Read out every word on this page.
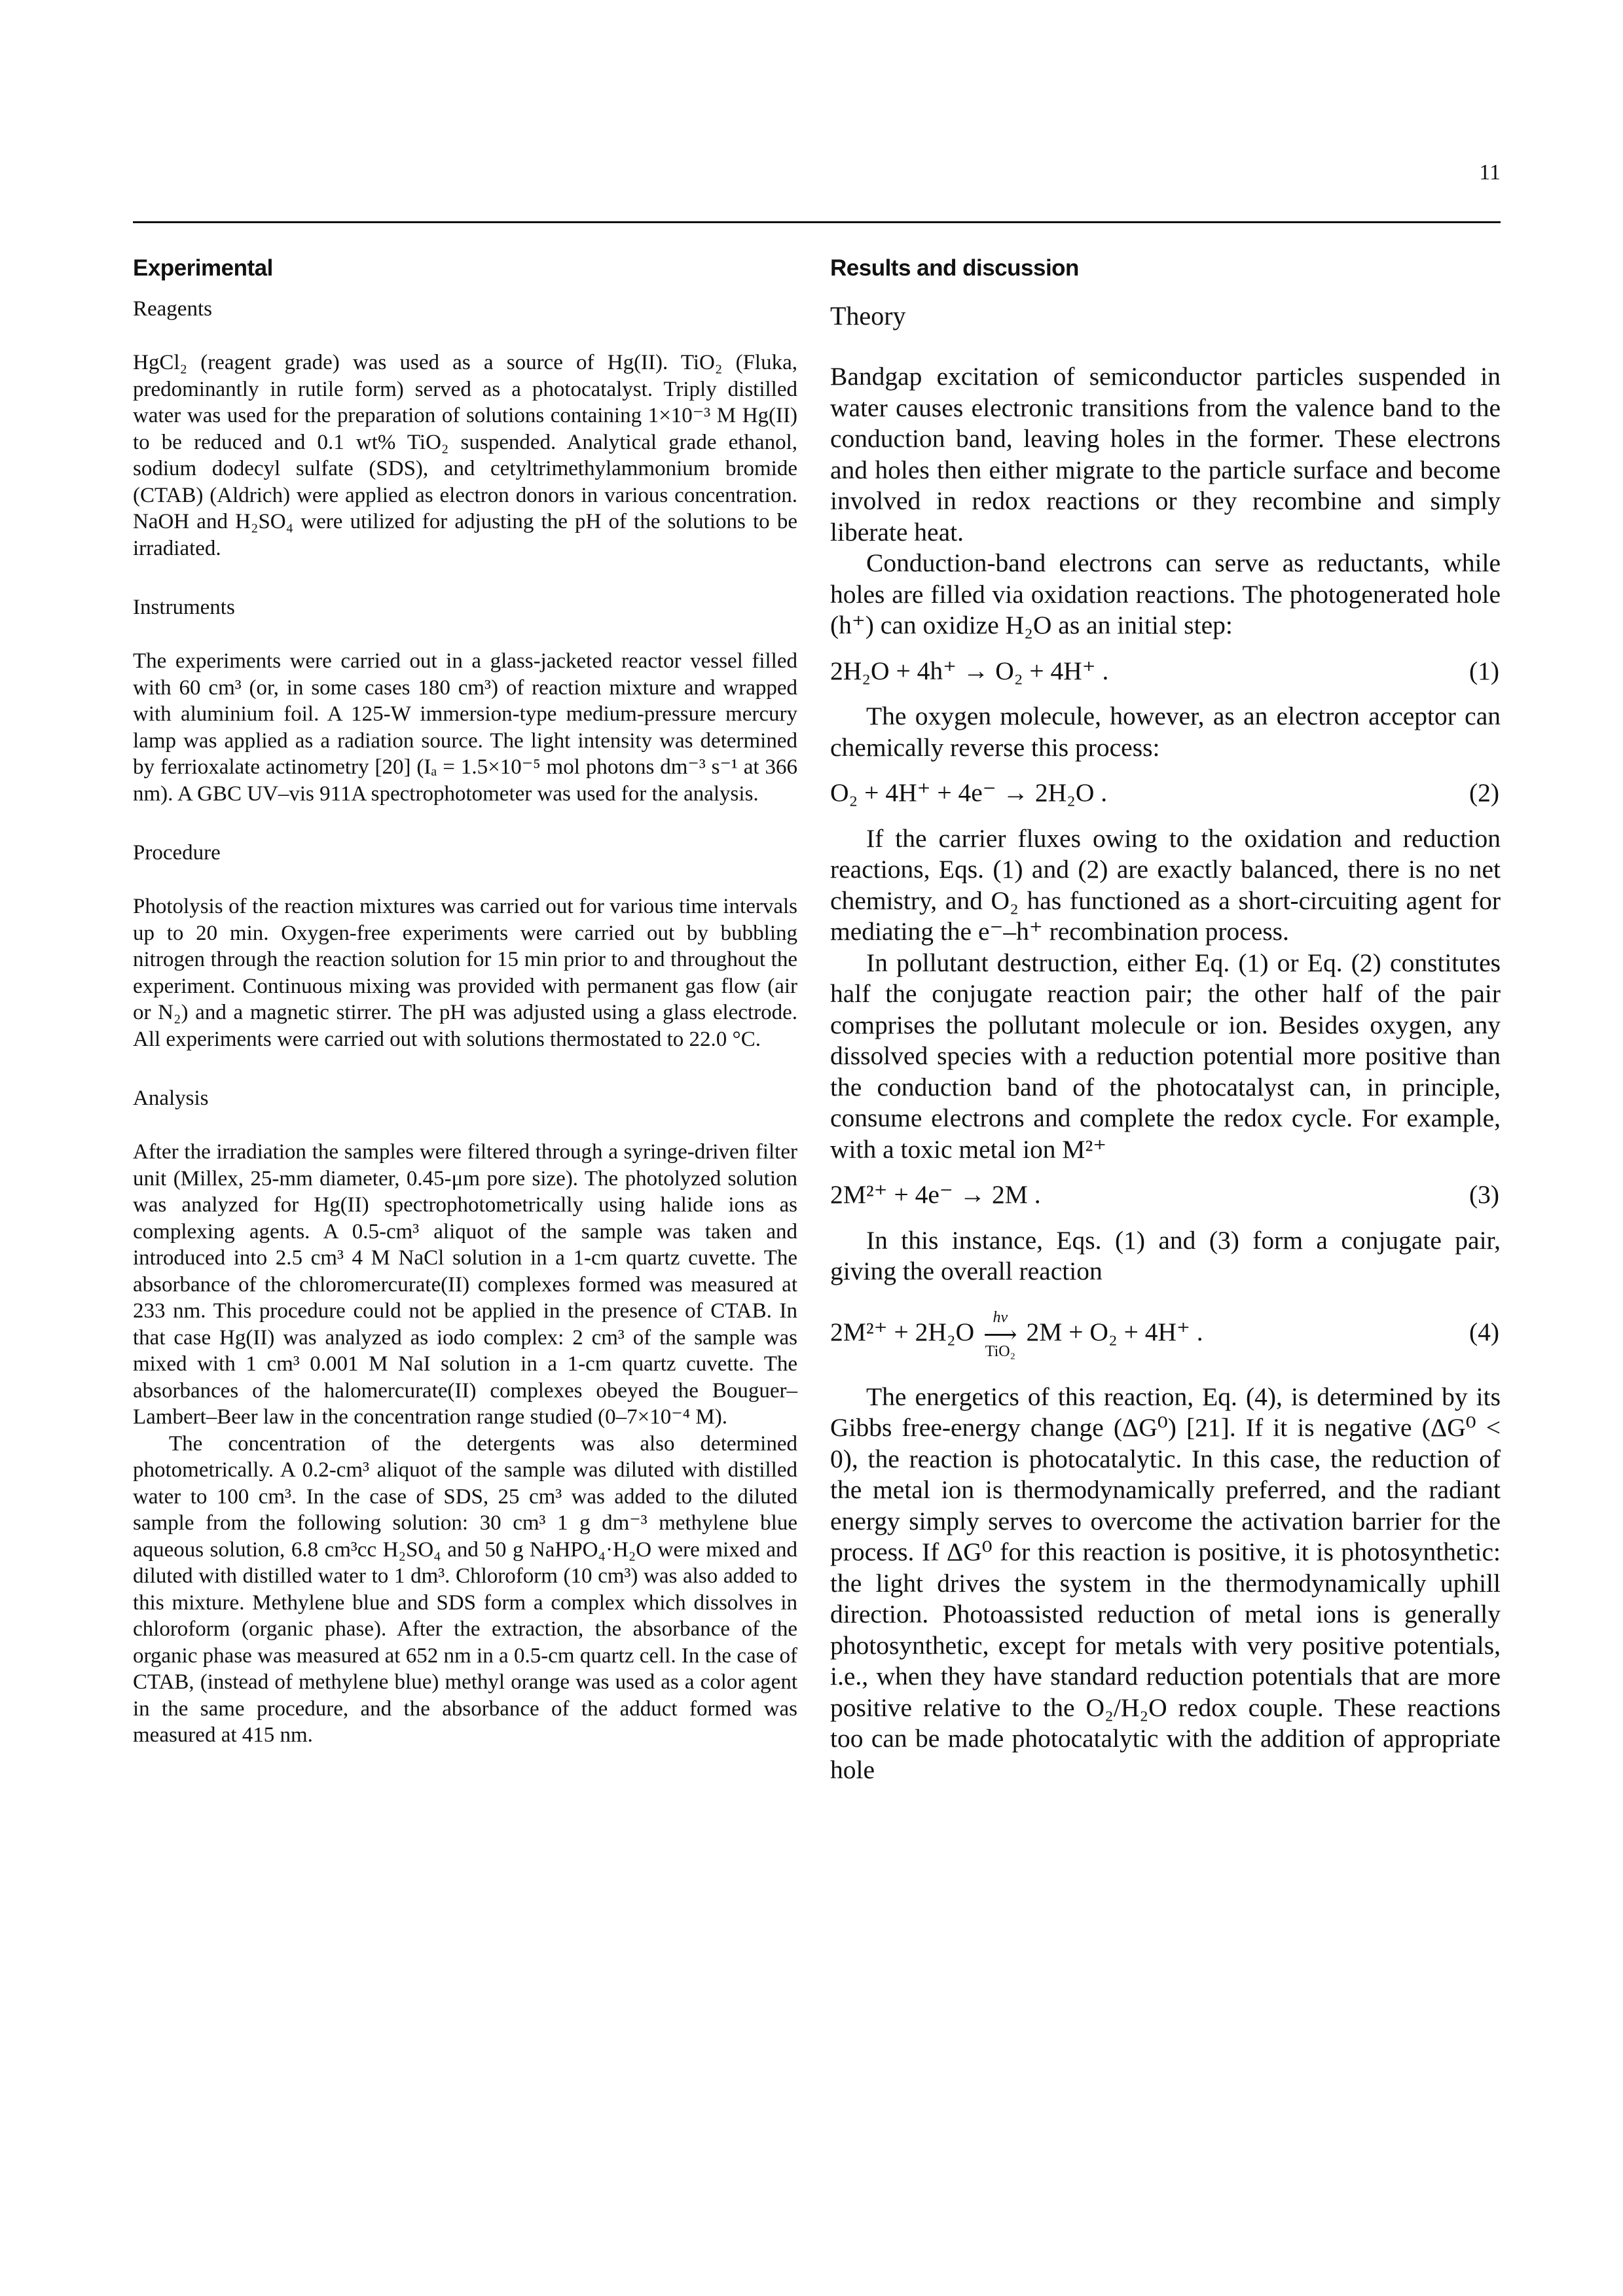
11
Experimental
Reagents

HgCl₂ (reagent grade) was used as a source of Hg(II). TiO₂ (Fluka, predominantly in rutile form) served as a photocatalyst. Triply distilled water was used for the preparation of solutions containing 1×10⁻³ M Hg(II) to be reduced and 0.1 wt% TiO₂ suspended. Analytical grade ethanol, sodium dodecyl sulfate (SDS), and cetyltrimethylammonium bromide (CTAB) (Aldrich) were applied as electron donors in various concentration. NaOH and H₂SO₄ were utilized for adjusting the pH of the solutions to be irradiated.

Instruments

The experiments were carried out in a glass-jacketed reactor vessel filled with 60 cm³ (or, in some cases 180 cm³) of reaction mixture and wrapped with aluminium foil. A 125-W immersion-type medium-pressure mercury lamp was applied as a radiation source. The light intensity was determined by ferrioxalate actinometry [20] (Iₐ = 1.5×10⁻⁵ mol photons dm⁻³ s⁻¹ at 366 nm). A GBC UV–vis 911A spectrophotometer was used for the analysis.

Procedure

Photolysis of the reaction mixtures was carried out for various time intervals up to 20 min. Oxygen-free experiments were carried out by bubbling nitrogen through the reaction solution for 15 min prior to and throughout the experiment. Continuous mixing was provided with permanent gas flow (air or N₂) and a magnetic stirrer. The pH was adjusted using a glass electrode. All experiments were carried out with solutions thermostated to 22.0 °C.

Analysis

After the irradiation the samples were filtered through a syringe-driven filter unit (Millex, 25-mm diameter, 0.45-μm pore size). The photolyzed solution was analyzed for Hg(II) spectrophotometrically using halide ions as complexing agents. A 0.5-cm³ aliquot of the sample was taken and introduced into 2.5 cm³ 4 M NaCl solution in a 1-cm quartz cuvette. The absorbance of the chloromercurate(II) complexes formed was measured at 233 nm. This procedure could not be applied in the presence of CTAB. In that case Hg(II) was analyzed as iodo complex: 2 cm³ of the sample was mixed with 1 cm³ 0.001 M NaI solution in a 1-cm quartz cuvette. The absorbances of the halomercurate(II) complexes obeyed the Bouguer–Lambert–Beer law in the concentration range studied (0–7×10⁻⁴ M).

The concentration of the detergents was also determined photometrically. A 0.2-cm³ aliquot of the sample was diluted with distilled water to 100 cm³. In the case of SDS, 25 cm³ was added to the diluted sample from the following solution: 30 cm³ 1 g dm⁻³ methylene blue aqueous solution, 6.8 cm³cc H₂SO₄ and 50 g NaHPO₄·H₂O were mixed and diluted with distilled water to 1 dm³. Chloroform (10 cm³) was also added to this mixture. Methylene blue and SDS form a complex which dissolves in chloroform (organic phase). After the extraction, the absorbance of the organic phase was measured at 652 nm in a 0.5-cm quartz cell. In the case of CTAB, (instead of methylene blue) methyl orange was used as a color agent in the same procedure, and the absorbance of the adduct formed was measured at 415 nm.

Results and discussion
Theory

Bandgap excitation of semiconductor particles suspended in water causes electronic transitions from the valence band to the conduction band, leaving holes in the former. These electrons and holes then either migrate to the particle surface and become involved in redox reactions or they recombine and simply liberate heat.

Conduction-band electrons can serve as reductants, while holes are filled via oxidation reactions. The photogenerated hole (h⁺) can oxidize H₂O as an initial step:

2H₂O + 4h⁺ → O₂ + 4H⁺ .	(1)

The oxygen molecule, however, as an electron acceptor can chemically reverse this process:

O₂ + 4H⁺ + 4e⁻ → 2H₂O .	(2)

If the carrier fluxes owing to the oxidation and reduction reactions, Eqs. (1) and (2) are exactly balanced, there is no net chemistry, and O₂ has functioned as a short-circuiting agent for mediating the e⁻–h⁺ recombination process.

In pollutant destruction, either Eq. (1) or Eq. (2) constitutes half the conjugate reaction pair; the other half of the pair comprises the pollutant molecule or ion. Besides oxygen, any dissolved species with a reduction potential more positive than the conduction band of the photocatalyst can, in principle, consume electrons and complete the redox cycle. For example, with a toxic metal ion M²⁺

2M²⁺ + 4e⁻ → 2M .	(3)

In this instance, Eqs. (1) and (3) form a conjugate pair, giving the overall reaction

2M²⁺ + 2H₂O
hν
⟶
TiO₂
2M + O₂ + 4H⁺ .	(4)

The energetics of this reaction, Eq. (4), is determined by its Gibbs free-energy change (ΔG⁰) [21]. If it is negative (ΔG⁰ < 0), the reaction is photocatalytic. In this case, the reduction of the metal ion is thermodynamically preferred, and the radiant energy simply serves to overcome the activation barrier for the process. If ΔG⁰ for this reaction is positive, it is photosynthetic: the light drives the system in the thermodynamically uphill direction. Photoassisted reduction of metal ions is generally photosynthetic, except for metals with very positive potentials, i.e., when they have standard reduction potentials that are more positive relative to the O₂/H₂O redox couple. These reactions too can be made photocatalytic with the addition of appropriate hole
